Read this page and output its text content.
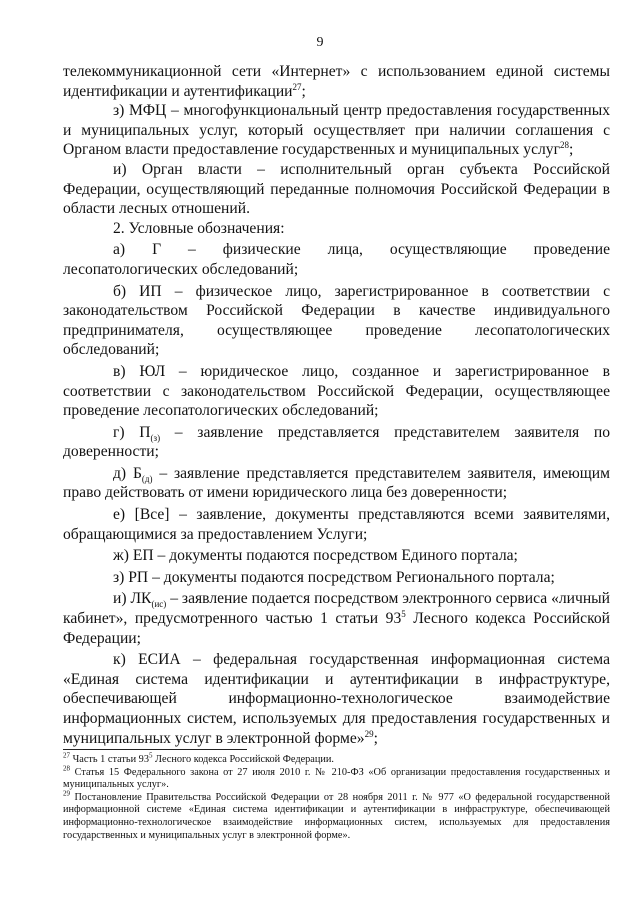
9

телекоммуникационной сети «Интернет» с использованием единой системы идентификации и аутентификации$^{27}$;

з) МФЦ – многофункциональный центр предоставления государственных и муниципальных услуг, который осуществляет при наличии соглашения с Органом власти предоставление государственных и муниципальных услуг$^{28}$;

и) Орган власти – исполнительный орган субъекта Российской Федерации, осуществляющий переданные полномочия Российской Федерации в области лесных отношений.

2. Условные обозначения:

а) Г – физические лица, осуществляющие проведение лесопатологических обследований;

б) ИП – физическое лицо, зарегистрированное в соответствии с законодательством Российской Федерации в качестве индивидуального предпринимателя, осуществляющее проведение лесопатологических обследований;

в) ЮЛ – юридическое лицо, созданное и зарегистрированное в соответствии с законодательством Российской Федерации, осуществляющее проведение лесопатологических обследований;

г) $П_{(з)}$ – заявление представляется представителем заявителя по доверенности;

д) $Б_{(д)}$ – заявление представляется представителем заявителя, имеющим право действовать от имени юридического лица без доверенности;

е) [Все] – заявление, документы представляются всеми заявителями, обращающимися за предоставлением Услуги;

ж) ЕП – документы подаются посредством Единого портала;

з) РП – документы подаются посредством Регионального портала;

и) $ЛК_{(ис)}$ – заявление подается посредством электронного сервиса «личный кабинет», предусмотренного частью 1 статьи $93^5$ Лесного кодекса Российской Федерации;

к) ЕСИА – федеральная государственная информационная система «Единая система идентификации и аутентификации в инфраструктуре, обеспечивающей информационно-технологическое взаимодействие информационных систем, используемых для предоставления государственных и муниципальных услуг в электронной форме»$^{29}$;

$^{27}$ Часть 1 статьи $93^5$ Лесного кодекса Российской Федерации.

$^{28}$ Статья 15 Федерального закона от 27 июля 2010 г. № 210-ФЗ «Об организации предоставления государственных и муниципальных услуг».

$^{29}$ Постановление Правительства Российской Федерации от 28 ноября 2011 г. № 977 «О федеральной государственной информационной системе «Единая система идентификации и аутентификации в инфраструктуре, обеспечивающей информационно-технологическое взаимодействие информационных систем, используемых для предоставления государственных и муниципальных услуг в электронной форме».
